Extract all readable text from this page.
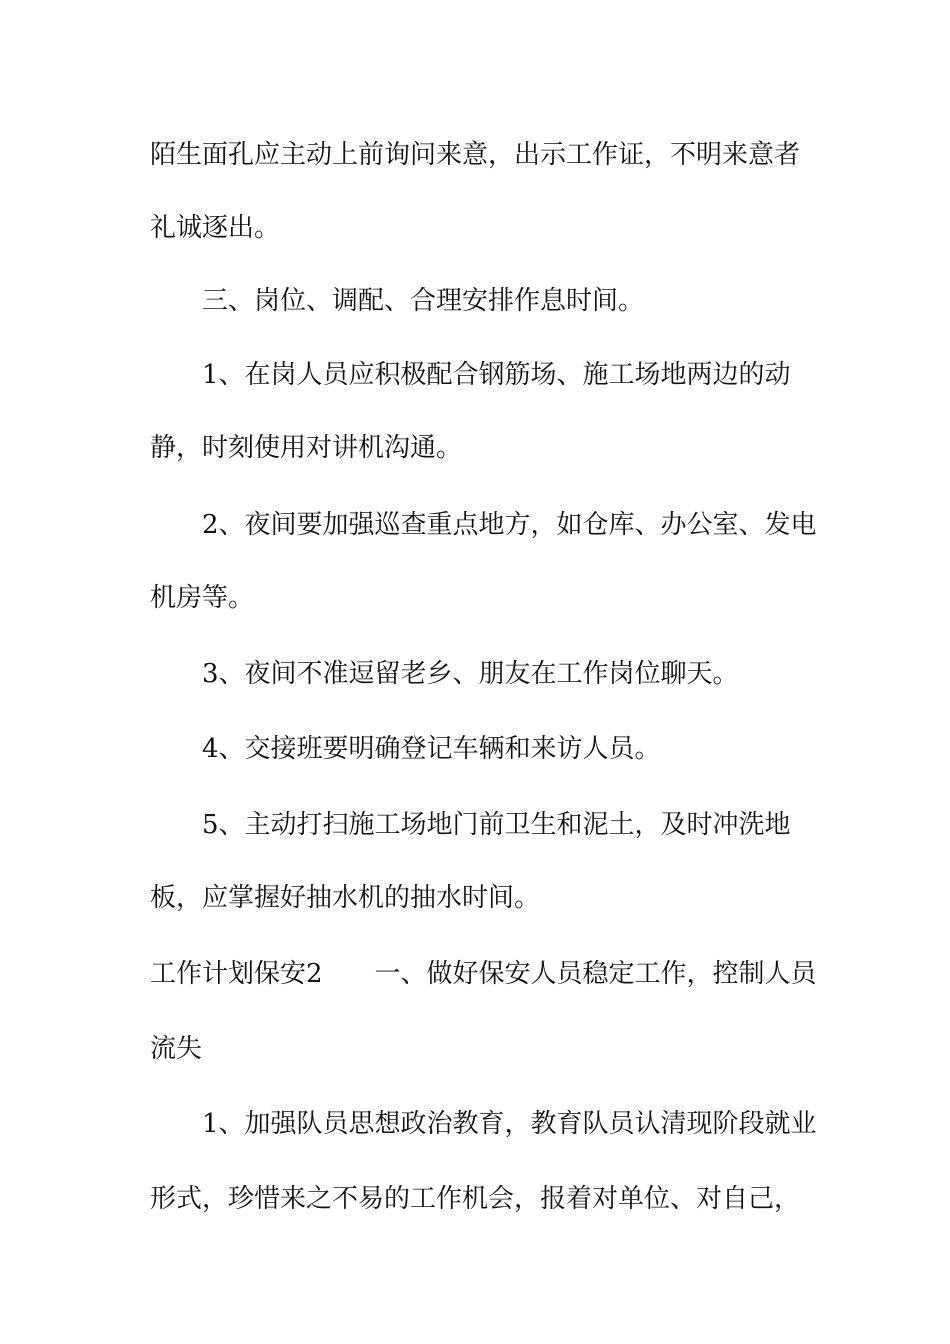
陌生面孔应主动上前询问来意，出示工作证，不明来意者
礼诚逐出。
三、岗位、调配、合理安排作息时间。
1、在岗人员应积极配合钢筋场、施工场地两边的动
静，时刻使用对讲机沟通。
2、夜间要加强巡查重点地方，如仓库、办公室、发电
机房等。
3、夜间不准逗留老乡、朋友在工作岗位聊天。
4、交接班要明确登记车辆和来访人员。
5、主动打扫施工场地门前卫生和泥土，及时冲洗地
板，应掌握好抽水机的抽水时间。
工作计划保安2　　一、做好保安人员稳定工作，控制人员
流失
1、加强队员思想政治教育，教育队员认清现阶段就业
形式，珍惜来之不易的工作机会，报着对单位、对自己，
